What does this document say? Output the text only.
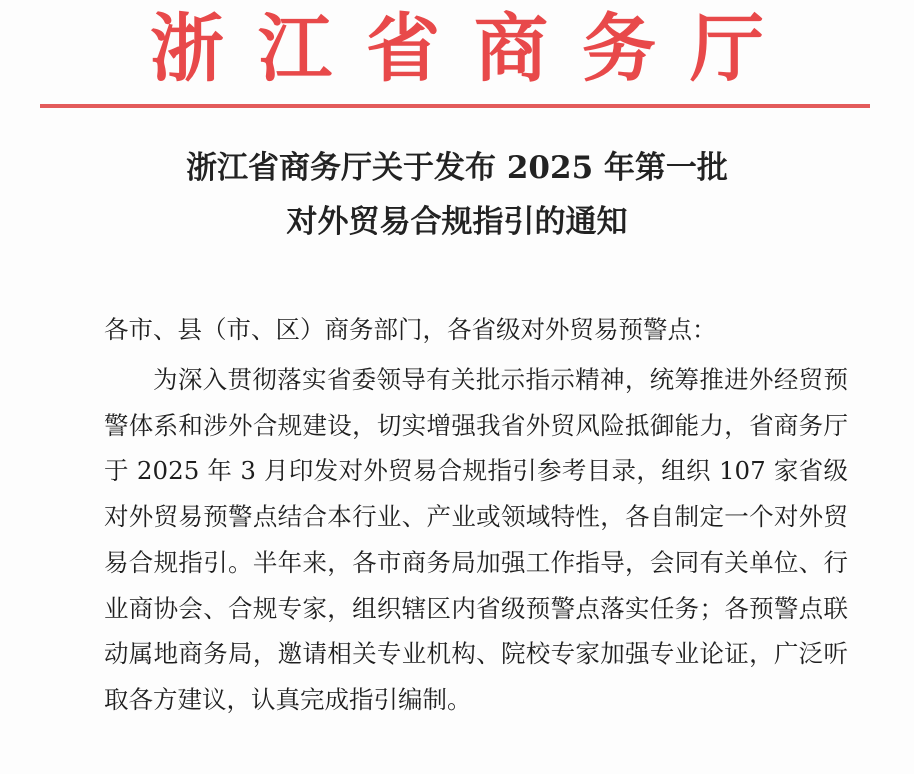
浙江省商务厅
浙江省商务厅关于发布 2025 年第一批
对外贸易合规指引的通知
各市、县（市、区）商务部门，各省级对外贸易预警点：
为深入贯彻落实省委领导有关批示指示精神，统筹推进外经贸预警体系和涉外合规建设，切实增强我省外贸风险抵御能力，省商务厅于 2025 年 3 月印发对外贸易合规指引参考目录，组织 107 家省级对外贸易预警点结合本行业、产业或领域特性，各自制定一个对外贸易合规指引。半年来，各市商务局加强工作指导，会同有关单位、行业商协会、合规专家，组织辖区内省级预警点落实任务；各预警点联动属地商务局，邀请相关专业机构、院校专家加强专业论证，广泛听取各方建议，认真完成指引编制。
